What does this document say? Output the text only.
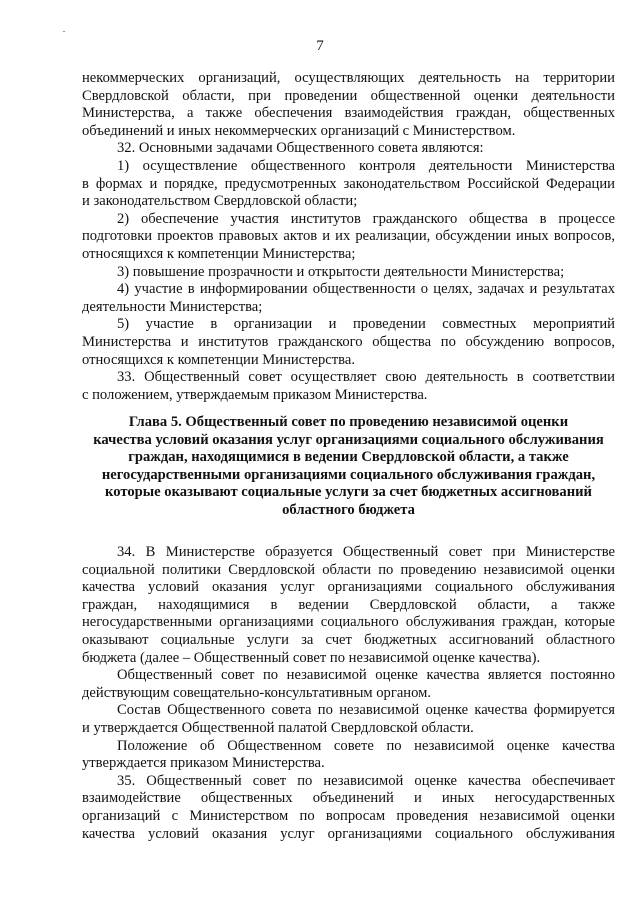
7
некоммерческих организаций, осуществляющих деятельность на территории
Свердловской области, при проведении общественной оценки деятельности
Министерства, а также обеспечения взаимодействия граждан, общественных
объединений и иных некоммерческих организаций с Министерством.
32. Основными задачами Общественного совета являются:
1) осуществление общественного контроля деятельности Министерства
в формах и порядке, предусмотренных законодательством Российской Федерации
и законодательством Свердловской области;
2) обеспечение участия институтов гражданского общества в процессе
подготовки проектов правовых актов и их реализации, обсуждении иных вопросов,
относящихся к компетенции Министерства;
3) повышение прозрачности и открытости деятельности Министерства;
4) участие в информировании общественности о целях, задачах и результатах
деятельности Министерства;
5) участие в организации и проведении совместных мероприятий
Министерства и институтов гражданского общества по обсуждению вопросов,
относящихся к компетенции Министерства.
33. Общественный совет осуществляет свою деятельность в соответствии
с положением, утверждаемым приказом Министерства.
Глава 5. Общественный совет по проведению независимой оценки
качества условий оказания услуг организациями социального обслуживания
граждан, находящимися в ведении Свердловской области, а также
негосударственными организациями социального обслуживания граждан,
которые оказывают социальные услуги за счет бюджетных ассигнований
областного бюджета
34. В Министерстве образуется Общественный совет при Министерстве
социальной политики Свердловской области по проведению независимой оценки
качества условий оказания услуг организациями социального обслуживания
граждан, находящимися в ведении Свердловской области, а также
негосударственными организациями социального обслуживания граждан, которые
оказывают социальные услуги за счет бюджетных ассигнований областного
бюджета (далее – Общественный совет по независимой оценке качества).
Общественный совет по независимой оценке качества является постоянно
действующим совещательно-консультативным органом.
Состав Общественного совета по независимой оценке качества формируется
и утверждается Общественной палатой Свердловской области.
Положение об Общественном совете по независимой оценке качества
утверждается приказом Министерства.
35. Общественный совет по независимой оценке качества обеспечивает
взаимодействие общественных объединений и иных негосударственных
организаций с Министерством по вопросам проведения независимой оценки
качества условий оказания услуг организациями социального обслуживания
